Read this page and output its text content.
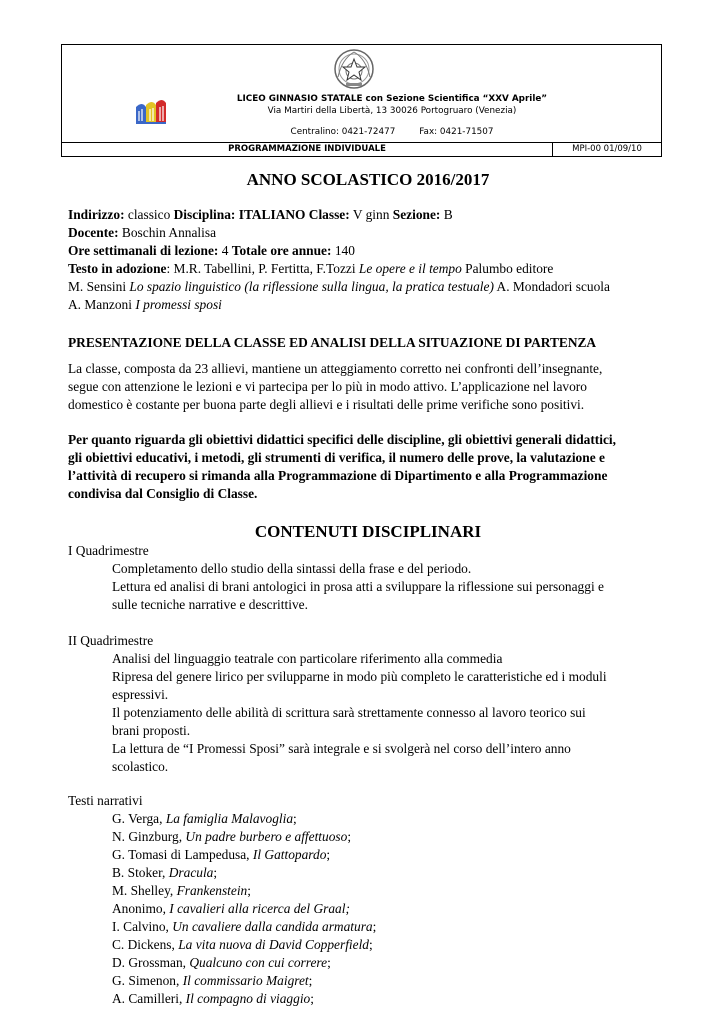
LICEO GINNASIO STATALE con Sezione Scientifica “XXV Aprile”
Via Martiri della Libertà, 13 30026 Portogruaro (Venezia)
Centralino: 0421-72477	Fax: 0421-71507
PROGRAMMAZIONE INDIVIDUALE	MPI-00 01/09/10
ANNO SCOLASTICO 2016/2017
Indirizzo: classico Disciplina: ITALIANO Classe: V ginn Sezione: B
Docente: Boschin Annalisa
Ore settimanali di lezione: 4 Totale ore annue: 140
Testo in adozione: M.R. Tabellini, P. Fertitta, F.Tozzi Le opere e il tempo Palumbo editore
M. Sensini Lo spazio linguistico (la riflessione sulla lingua, la pratica testuale) A. Mondadori scuola
A. Manzoni I promessi sposi
PRESENTAZIONE DELLA CLASSE ED ANALISI DELLA SITUAZIONE DI PARTENZA
La classe, composta da 23 allievi, mantiene un atteggiamento corretto nei confronti dell’insegnante,
segue con attenzione le lezioni e vi partecipa per lo più in modo attivo. L’applicazione nel lavoro
domestico è costante per buona parte degli allievi e i risultati delle prime verifiche sono positivi.
Per quanto riguarda gli obiettivi didattici specifici delle discipline, gli obiettivi generali didattici,
gli obiettivi educativi, i metodi, gli strumenti di verifica, il numero delle prove, la valutazione e
l’attività di recupero si rimanda alla Programmazione di Dipartimento e alla Programmazione
condivisa dal Consiglio di Classe.
CONTENUTI DISCIPLINARI
I Quadrimestre
Completamento dello studio della sintassi della frase e del periodo.
Lettura ed analisi di brani antologici in prosa atti a sviluppare la riflessione sui personaggi e
sulle tecniche narrative e descrittive.
II Quadrimestre
Analisi del linguaggio teatrale con particolare riferimento alla commedia
Ripresa del genere lirico per svilupparne in modo più completo le caratteristiche ed i moduli
espressivi.
Il potenziamento delle abilità di scrittura sarà strettamente connesso al lavoro teorico sui
brani proposti.
La lettura de “I Promessi Sposi” sarà integrale e si svolgerà nel corso dell’intero anno
scolastico.
Testi narrativi
G. Verga, La famiglia Malavoglia;
N. Ginzburg, Un padre burbero e affettuoso;
G. Tomasi di Lampedusa, Il Gattopardo;
B. Stoker, Dracula;
M. Shelley, Frankenstein;
Anonimo, I cavalieri alla ricerca del Graal;
I. Calvino, Un cavaliere dalla candida armatura;
C. Dickens, La vita nuova di David Copperfield;
D. Grossman, Qualcuno con cui correre;
G. Simenon, Il commissario Maigret;
A. Camilleri, Il compagno di viaggio;
